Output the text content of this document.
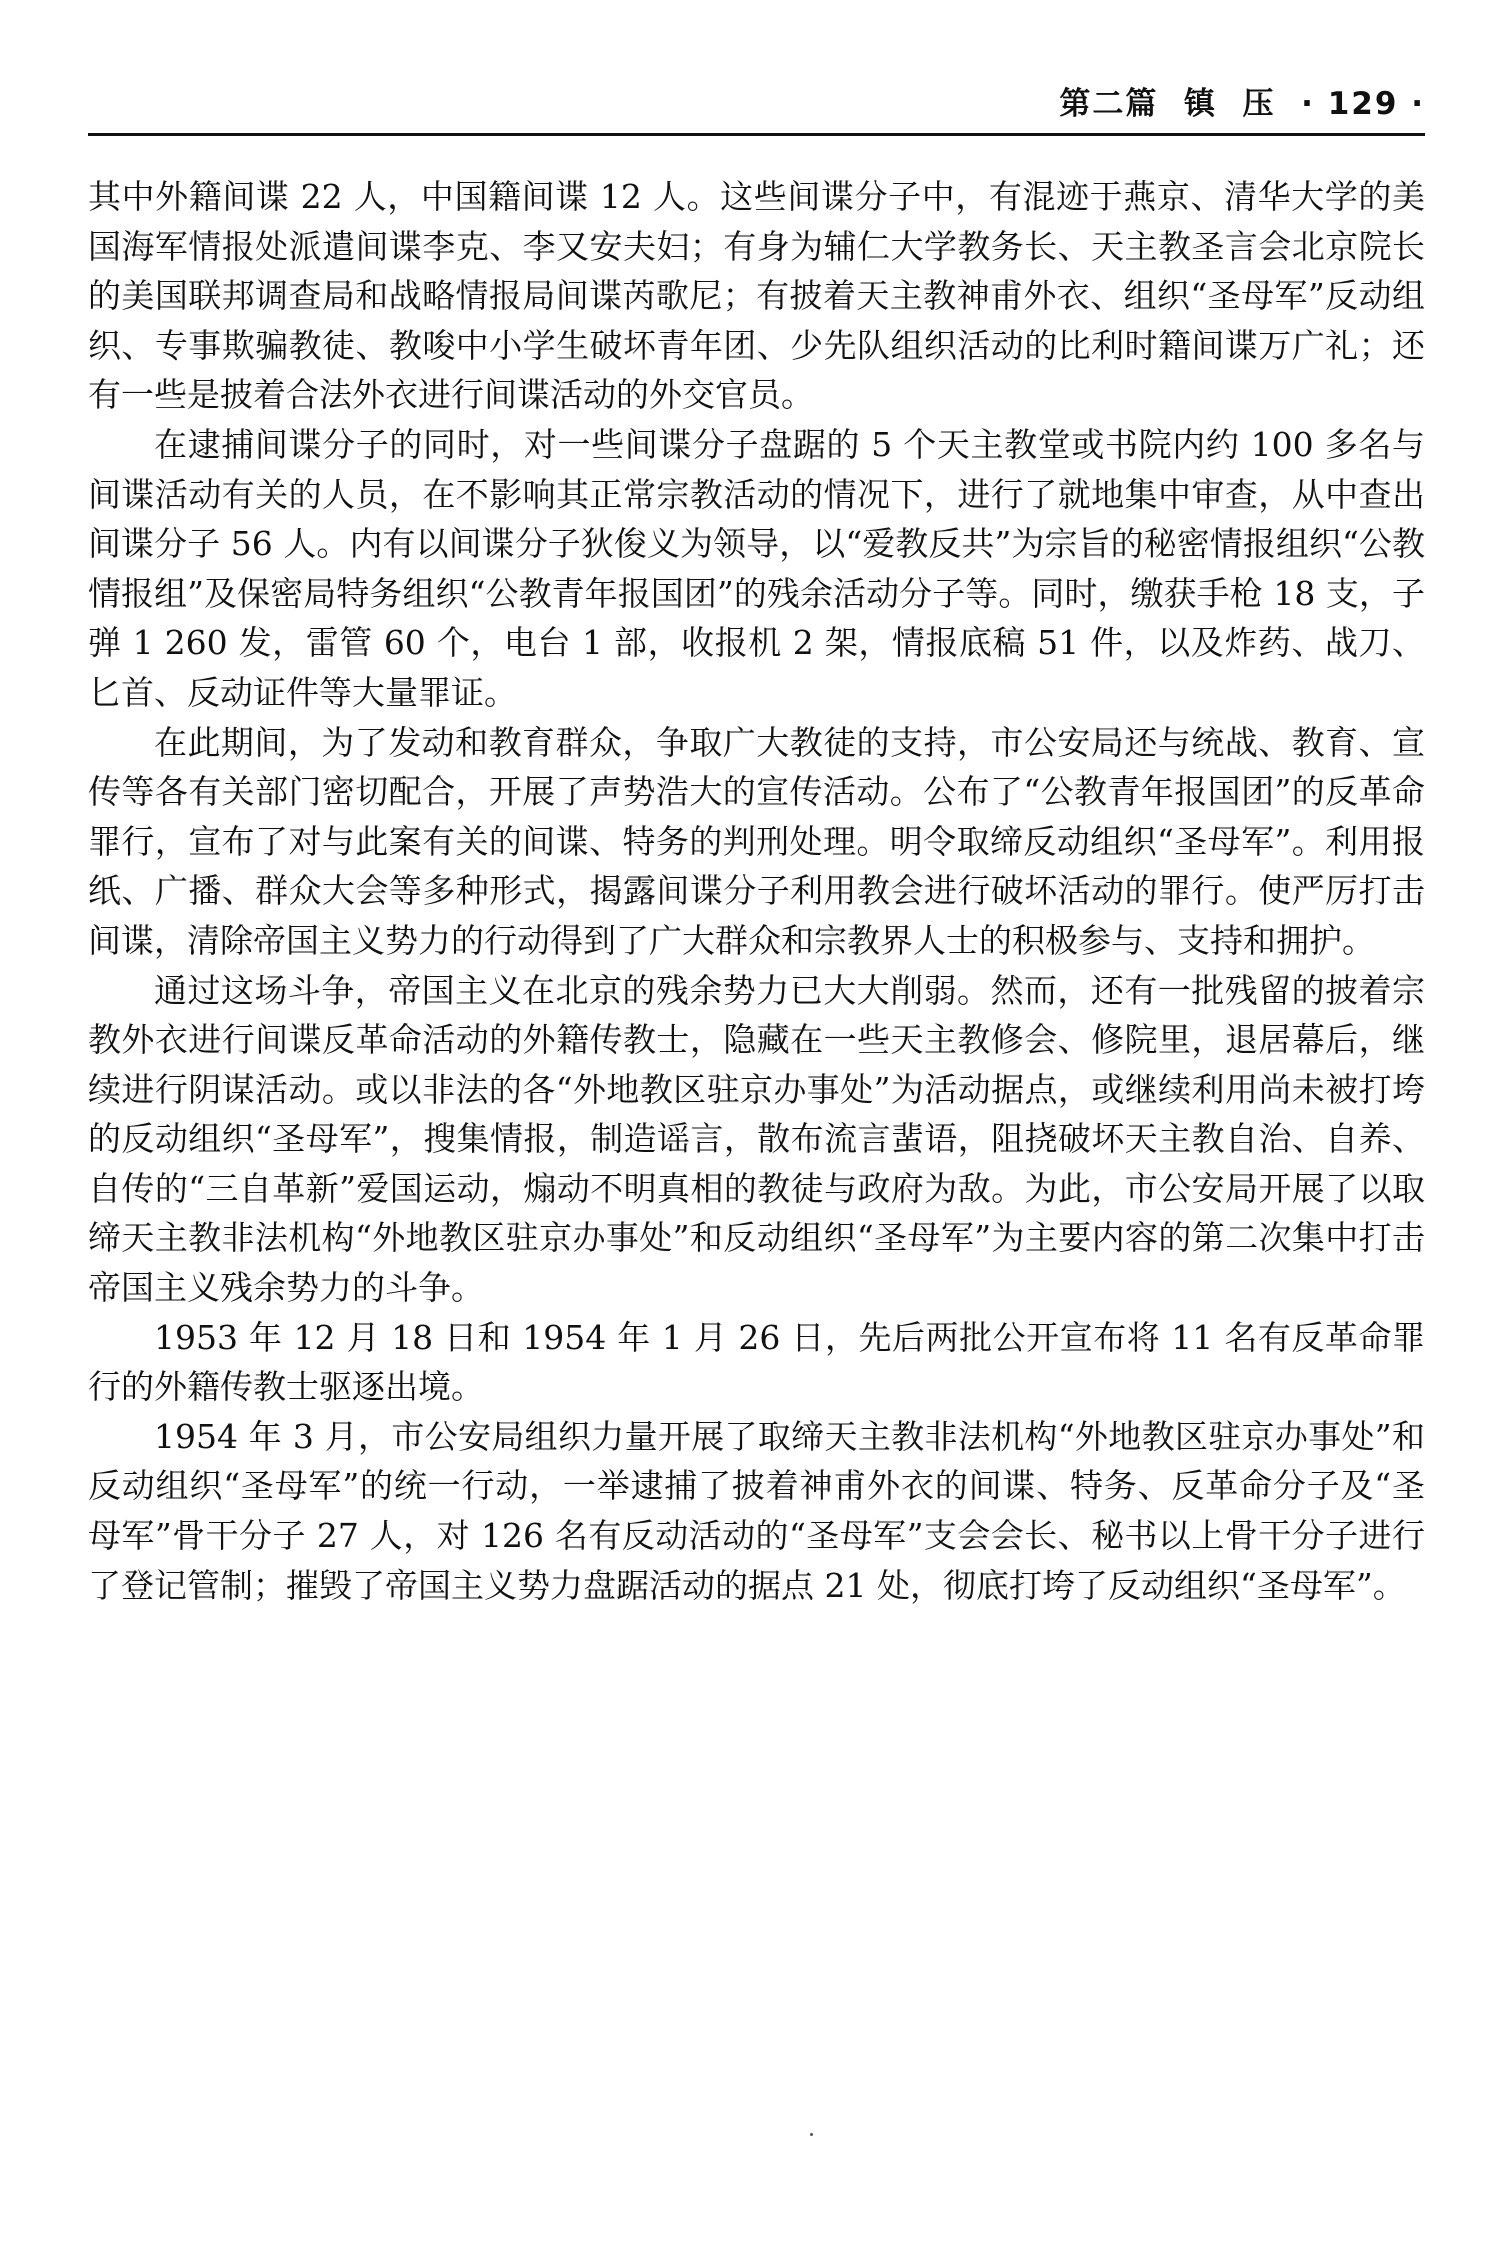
第二篇  镇  压  · 129 ·

其中外籍间谍 22 人，中国籍间谍 12 人。这些间谍分子中，有混迹于燕京、清华大学的美国海军情报处派遣间谍李克、李又安夫妇；有身为辅仁大学教务长、天主教圣言会北京院长的美国联邦调查局和战略情报局间谍芮歌尼；有披着天主教神甫外衣、组织“圣母军”反动组织、专事欺骗教徒、教唆中小学生破坏青年团、少先队组织活动的比利时籍间谍万广礼；还有一些是披着合法外衣进行间谍活动的外交官员。

在逮捕间谍分子的同时，对一些间谍分子盘踞的 5 个天主教堂或书院内约 100 多名与间谍活动有关的人员，在不影响其正常宗教活动的情况下，进行了就地集中审查，从中查出间谍分子 56 人。内有以间谍分子狄俊义为领导，以“爱教反共”为宗旨的秘密情报组织“公教情报组”及保密局特务组织“公教青年报国团”的残余活动分子等。同时，缴获手枪 18 支，子弹 1 260 发，雷管 60 个，电台 1 部，收报机 2 架，情报底稿 51 件，以及炸药、战刀、匕首、反动证件等大量罪证。

在此期间，为了发动和教育群众，争取广大教徒的支持，市公安局还与统战、教育、宣传等各有关部门密切配合，开展了声势浩大的宣传活动。公布了“公教青年报国团”的反革命罪行，宣布了对与此案有关的间谍、特务的判刑处理。明令取缔反动组织“圣母军”。利用报纸、广播、群众大会等多种形式，揭露间谍分子利用教会进行破坏活动的罪行。使严厉打击间谍，清除帝国主义势力的行动得到了广大群众和宗教界人士的积极参与、支持和拥护。

通过这场斗争，帝国主义在北京的残余势力已大大削弱。然而，还有一批残留的披着宗教外衣进行间谍反革命活动的外籍传教士，隐藏在一些天主教修会、修院里，退居幕后，继续进行阴谋活动。或以非法的各“外地教区驻京办事处”为活动据点，或继续利用尚未被打垮的反动组织“圣母军”，搜集情报，制造谣言，散布流言蜚语，阻挠破坏天主教自治、自养、自传的“三自革新”爱国运动，煽动不明真相的教徒与政府为敌。为此，市公安局开展了以取缔天主教非法机构“外地教区驻京办事处”和反动组织“圣母军”为主要内容的第二次集中打击帝国主义残余势力的斗争。

1953 年 12 月 18 日和 1954 年 1 月 26 日，先后两批公开宣布将 11 名有反革命罪行的外籍传教士驱逐出境。

1954 年 3 月，市公安局组织力量开展了取缔天主教非法机构“外地教区驻京办事处”和反动组织“圣母军”的统一行动，一举逮捕了披着神甫外衣的间谍、特务、反革命分子及“圣母军”骨干分子 27 人，对 126 名有反动活动的“圣母军”支会会长、秘书以上骨干分子进行了登记管制；摧毁了帝国主义势力盘踞活动的据点 21 处，彻底打垮了反动组织“圣母军”。
